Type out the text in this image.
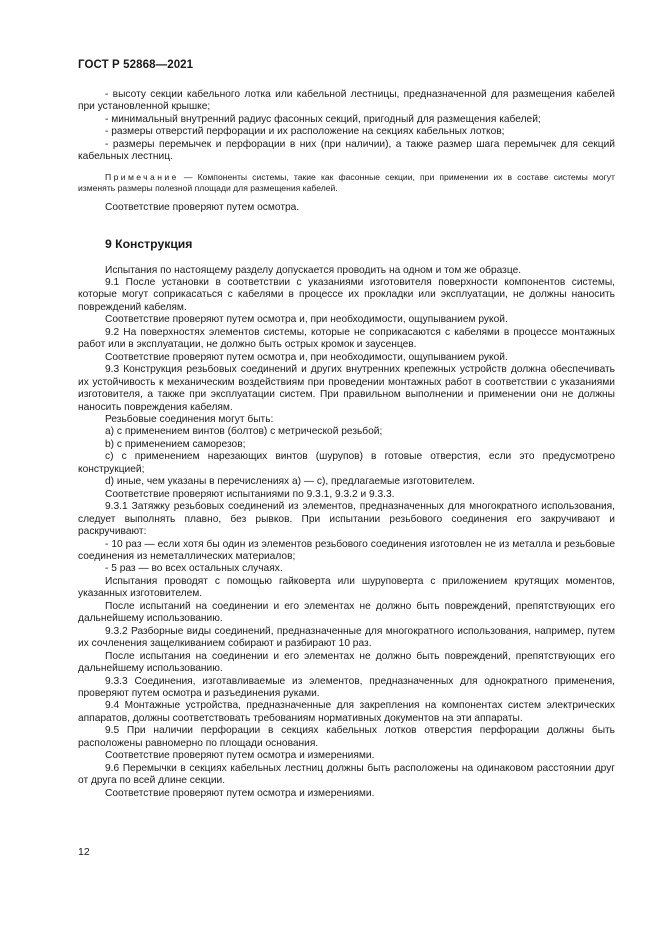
ГОСТ Р 52868—2021

- высоту секции кабельного лотка или кабельной лестницы, предназначенной для размещения кабелей при установленной крышке;

- минимальный внутренний радиус фасонных секций, пригодный для размещения кабелей;

- размеры отверстий перфорации и их расположение на секциях кабельных лотков;

- размеры перемычек и перфорации в них (при наличии), а также размер шага перемычек для секций кабельных лестниц.

Примечание — Компоненты системы, такие как фасонные секции, при применении их в составе системы могут изменять размеры полезной площади для размещения кабелей.

Соответствие проверяют путем осмотра.

9 Конструкция

Испытания по настоящему разделу допускается проводить на одном и том же образце.

9.1 После установки в соответствии с указаниями изготовителя поверхности компонентов системы, которые могут соприкасаться с кабелями в процессе их прокладки или эксплуатации, не должны наносить повреждений кабелям.

Соответствие проверяют путем осмотра и, при необходимости, ощупыванием рукой.

9.2 На поверхностях элементов системы, которые не соприкасаются с кабелями в процессе монтажных работ или в эксплуатации, не должно быть острых кромок и заусенцев.

Соответствие проверяют путем осмотра и, при необходимости, ощупыванием рукой.

9.3 Конструкция резьбовых соединений и других внутренних крепежных устройств должна обеспечивать их устойчивость к механическим воздействиям при проведении монтажных работ в соответствии с указаниями изготовителя, а также при эксплуатации систем. При правильном выполнении и применении они не должны наносить повреждения кабелям.

Резьбовые соединения могут быть:

a) с применением винтов (болтов) с метрической резьбой;

b) с применением саморезов;

c) с применением нарезающих винтов (шурупов) в готовые отверстия, если это предусмотрено конструкцией;

d) иные, чем указаны в перечислениях a) — c), предлагаемые изготовителем.

Соответствие проверяют испытаниями по 9.3.1, 9.3.2 и 9.3.3.

9.3.1 Затяжку резьбовых соединений из элементов, предназначенных для многократного использования, следует выполнять плавно, без рывков. При испытании резьбового соединения его закручивают и раскручивают:

- 10 раз — если хотя бы один из элементов резьбового соединения изготовлен не из металла и резьбовые соединения из неметаллических материалов;

- 5 раз — во всех остальных случаях.

Испытания проводят с помощью гайковерта или шуруповерта с приложением крутящих моментов, указанных изготовителем.

После испытаний на соединении и его элементах не должно быть повреждений, препятствующих его дальнейшему использованию.

9.3.2 Разборные виды соединений, предназначенные для многократного использования, например, путем их сочленения защелкиванием собирают и разбирают 10 раз.

После испытания на соединении и его элементах не должно быть повреждений, препятствующих его дальнейшему использованию.

9.3.3 Соединения, изготавливаемые из элементов, предназначенных для однократного применения, проверяют путем осмотра и разъединения руками.

9.4 Монтажные устройства, предназначенные для закрепления на компонентах систем электрических аппаратов, должны соответствовать требованиям нормативных документов на эти аппараты.

9.5 При наличии перфорации в секциях кабельных лотков отверстия перфорации должны быть расположены равномерно по площади основания.

Соответствие проверяют путем осмотра и измерениями.

9.6 Перемычки в секциях кабельных лестниц должны быть расположены на одинаковом расстоянии друг от друга по всей длине секции.

Соответствие проверяют путем осмотра и измерениями.

12
